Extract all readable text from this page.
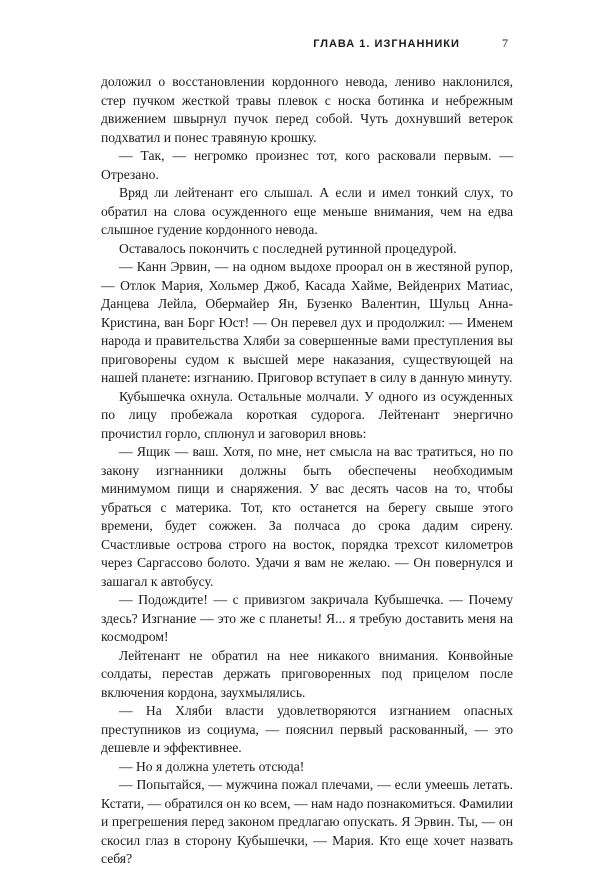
ГЛАВА 1. ИЗГНАННИКИ	7

доложил о восстановлении кордонного невода, лениво наклонился, стер пучком жесткой травы плевок с носка ботинка и небрежным движением швырнул пучок перед собой. Чуть дохнувший ветерок подхватил и понес травяную крошку.

— Так, — негромко произнес тот, кого расковали первым. — Отрезано.

Вряд ли лейтенант его слышал. А если и имел тонкий слух, то обратил на слова осужденного еще меньше внимания, чем на едва слышное гудение кордонного невода.

Оставалось покончить с последней рутинной процедурой.

— Канн Эрвин, — на одном выдохе проорал он в жестяной рупор, — Отлок Мария, Хольмер Джоб, Касада Хайме, Вейденрих Матиас, Данцева Лейла, Обермайер Ян, Бузенко Валентин, Шульц Анна-Кристина, ван Борг Юст! — Он перевел дух и продолжил: — Именем народа и правительства Хляби за совершенные вами преступления вы приговорены судом к высшей мере наказания, существующей на нашей планете: изгнанию. Приговор вступает в силу в данную минуту.

Кубышечка охнула. Остальные молчали. У одного из осужденных по лицу пробежала короткая судорога. Лейтенант энергично прочистил горло, сплюнул и заговорил вновь:

— Ящик — ваш. Хотя, по мне, нет смысла на вас тратиться, но по закону изгнанники должны быть обеспечены необходимым минимумом пищи и снаряжения. У вас десять часов на то, чтобы убраться с материка. Тот, кто останется на берегу свыше этого времени, будет сожжен. За полчаса до срока дадим сирену. Счастливые острова строго на восток, порядка трехсот километров через Саргассово болото. Удачи я вам не желаю. — Он повернулся и зашагал к автобусу.

— Подождите! — с привизгом закричала Кубышечка. — Почему здесь? Изгнание — это же с планеты! Я... я требую доставить меня на космодром!

Лейтенант не обратил на нее никакого внимания. Конвойные солдаты, перестав держать приговоренных под прицелом после включения кордона, заухмылялись.

— На Хляби власти удовлетворяются изгнанием опасных преступников из социума, — пояснил первый раскованный, — это дешевле и эффективнее.

— Но я должна улететь отсюда!

— Попытайся, — мужчина пожал плечами, — если умеешь летать. Кстати, — обратился он ко всем, — нам надо познакомиться. Фамилии и прегрешения перед законом предлагаю опускать. Я Эрвин. Ты, — он скосил глаз в сторону Кубышечки, — Мария. Кто еще хочет назвать себя?
